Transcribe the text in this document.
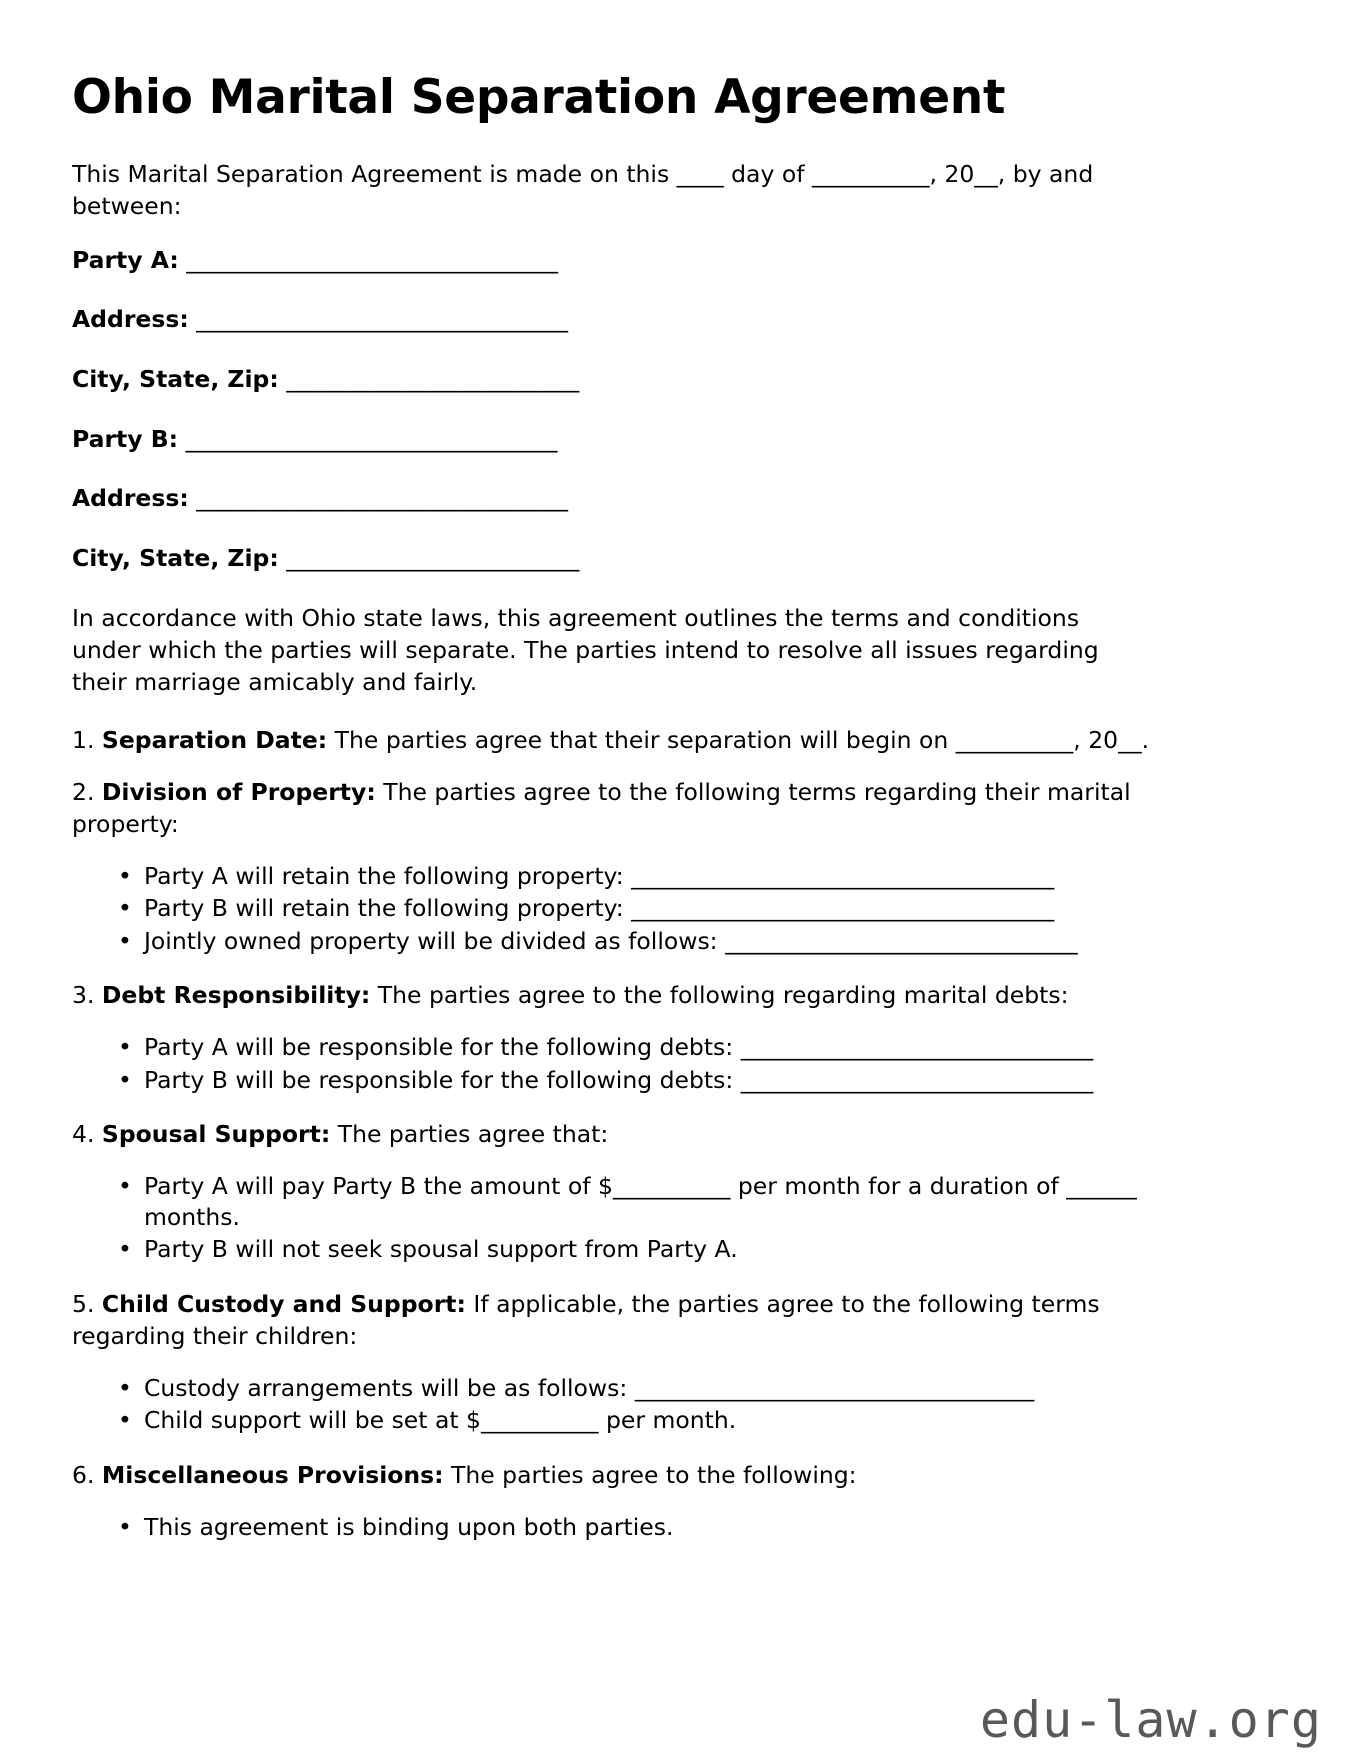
Ohio Marital Separation Agreement

This Marital Separation Agreement is made on this ____ day of __________, 20__, by and between:

Party A: _________________________________
Address: _________________________________
City, State, Zip: __________________________
Party B: _________________________________
Address: _________________________________
City, State, Zip: __________________________

In accordance with Ohio state laws, this agreement outlines the terms and conditions under which the parties will separate. The parties intend to resolve all issues regarding their marriage amicably and fairly.

1. Separation Date: The parties agree that their separation will begin on __________, 20__.

2. Division of Property: The parties agree to the following terms regarding their marital property:

• Party A will retain the following property: ____________________________________
• Party B will retain the following property: ____________________________________
• Jointly owned property will be divided as follows: ______________________________

3. Debt Responsibility: The parties agree to the following regarding marital debts:

• Party A will be responsible for the following debts: ______________________________
• Party B will be responsible for the following debts: ______________________________

4. Spousal Support: The parties agree that:

• Party A will pay Party B the amount of $__________ per month for a duration of ______ months.
• Party B will not seek spousal support from Party A.

5. Child Custody and Support: If applicable, the parties agree to the following terms regarding their children:

• Custody arrangements will be as follows: __________________________________
• Child support will be set at $__________ per month.

6. Miscellaneous Provisions: The parties agree to the following:

• This agreement is binding upon both parties.
edu-law.org
